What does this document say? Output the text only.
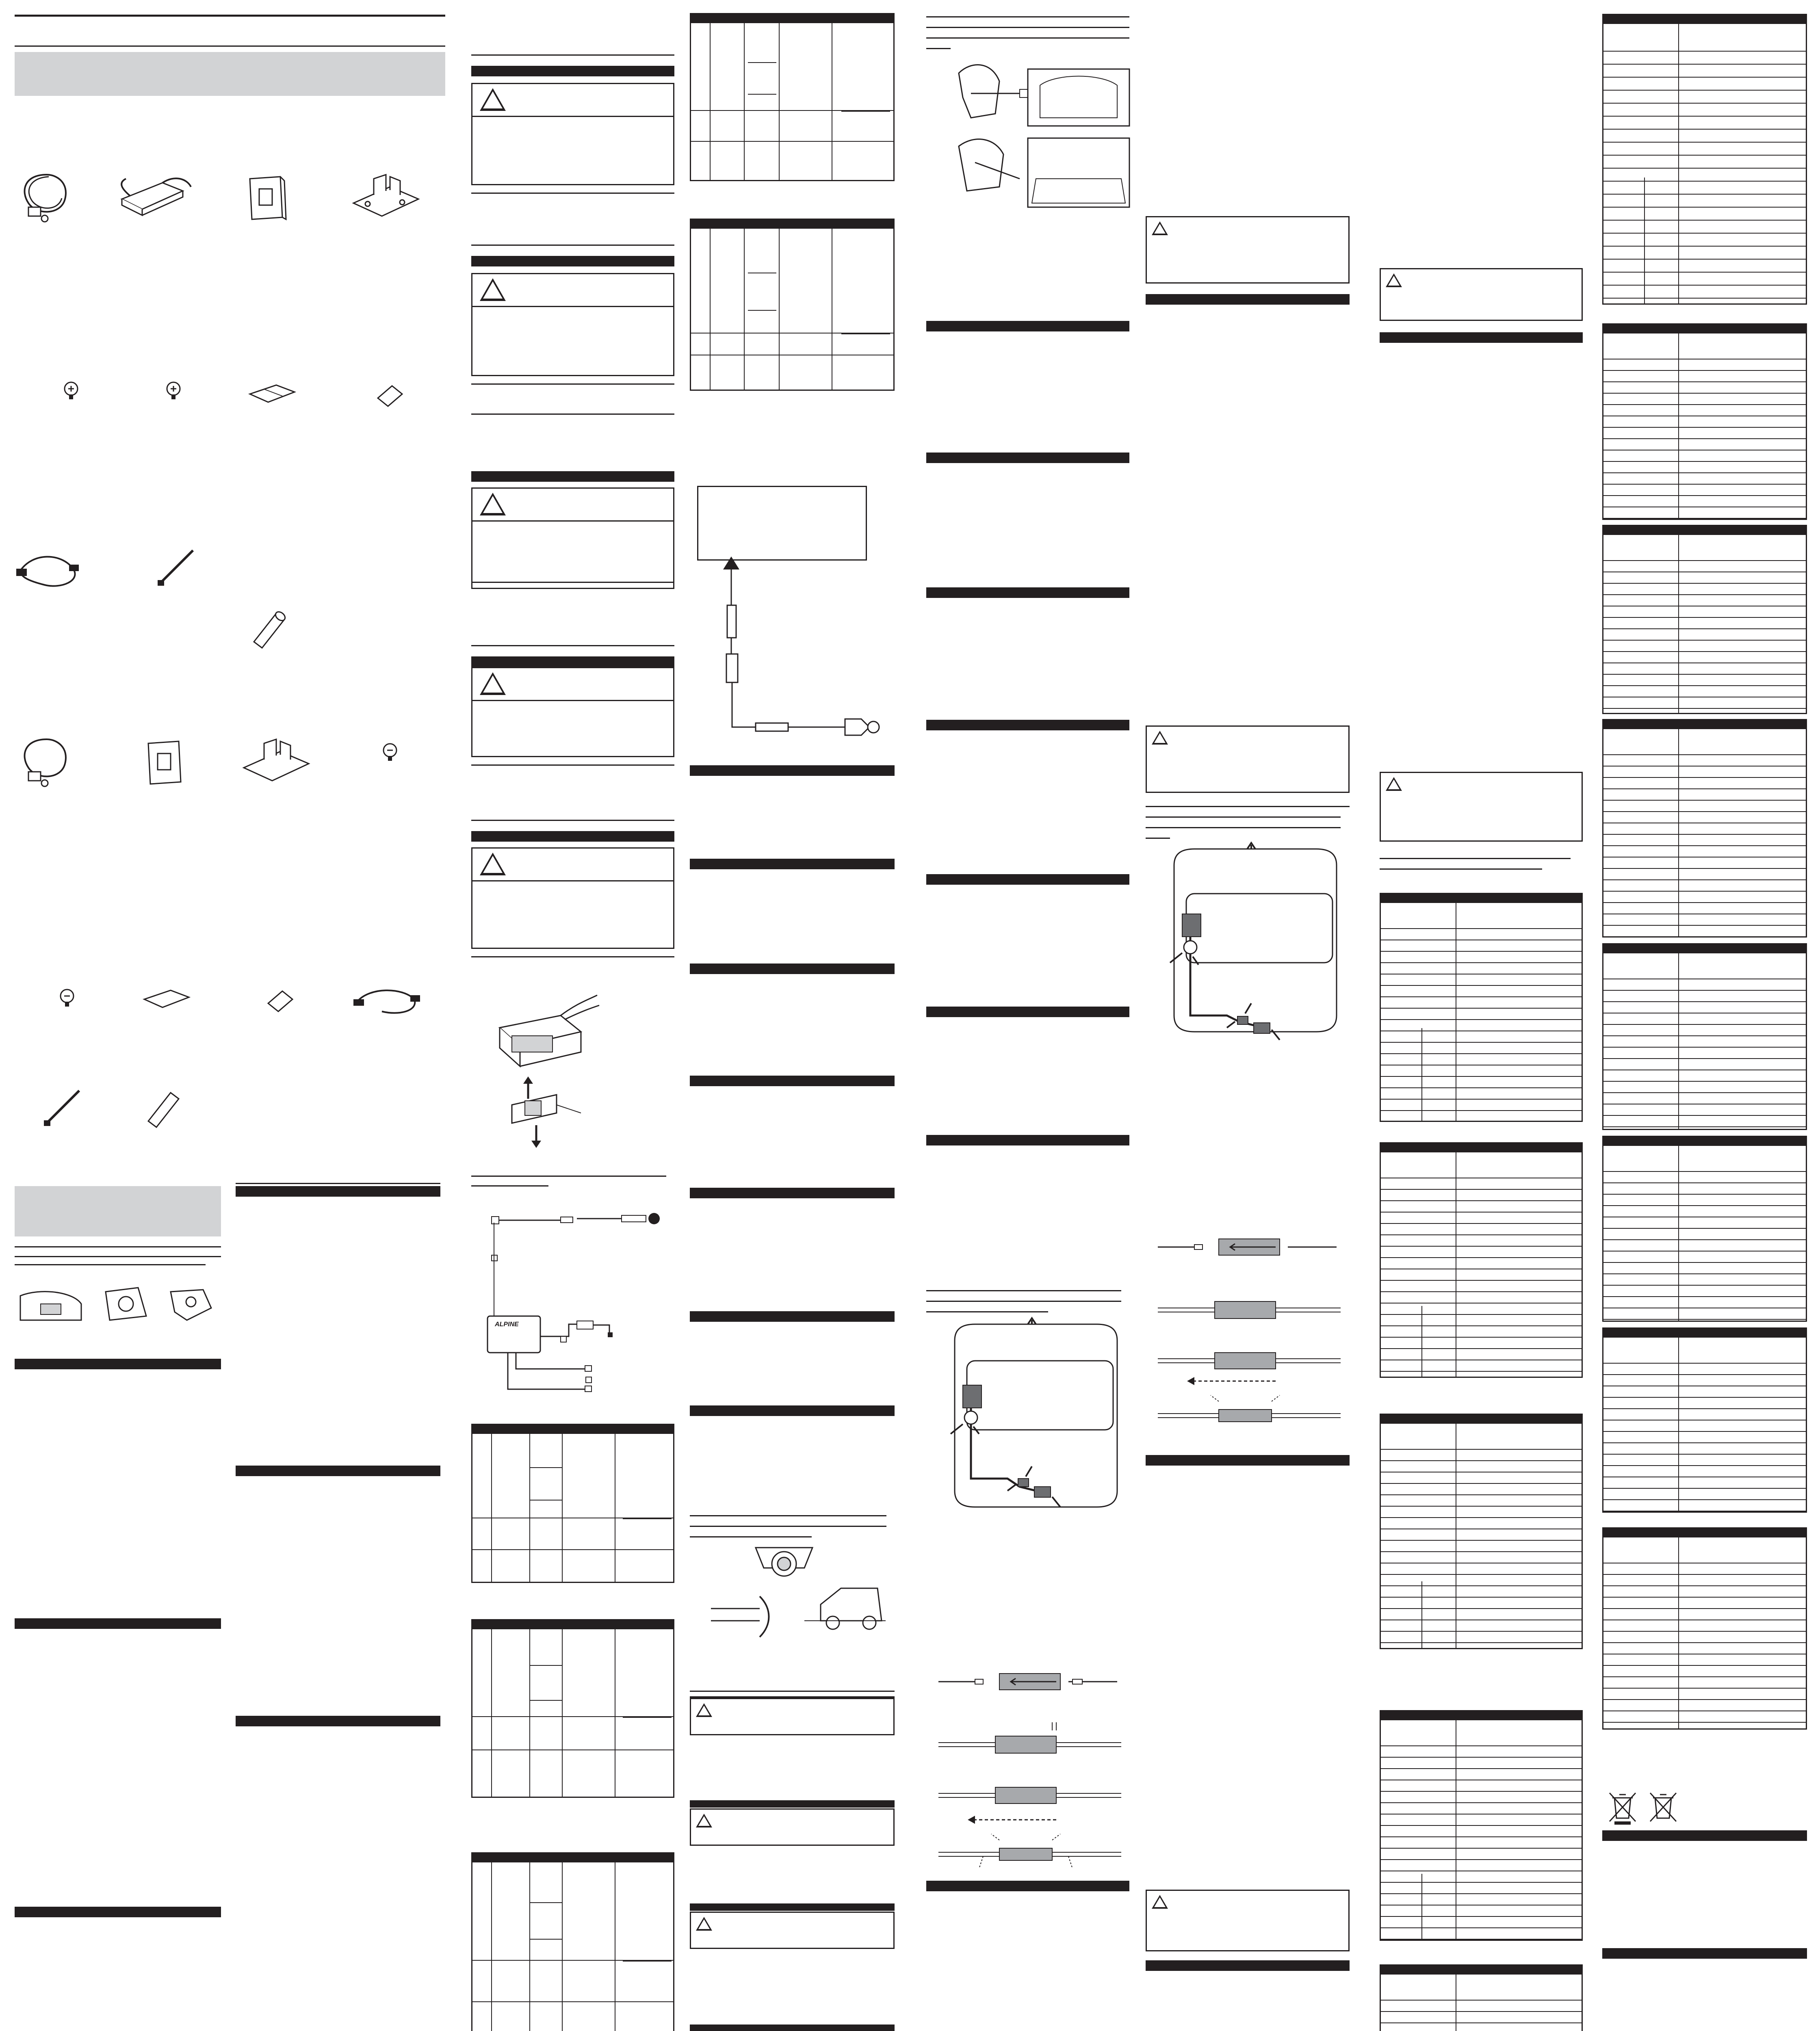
ALPINE
